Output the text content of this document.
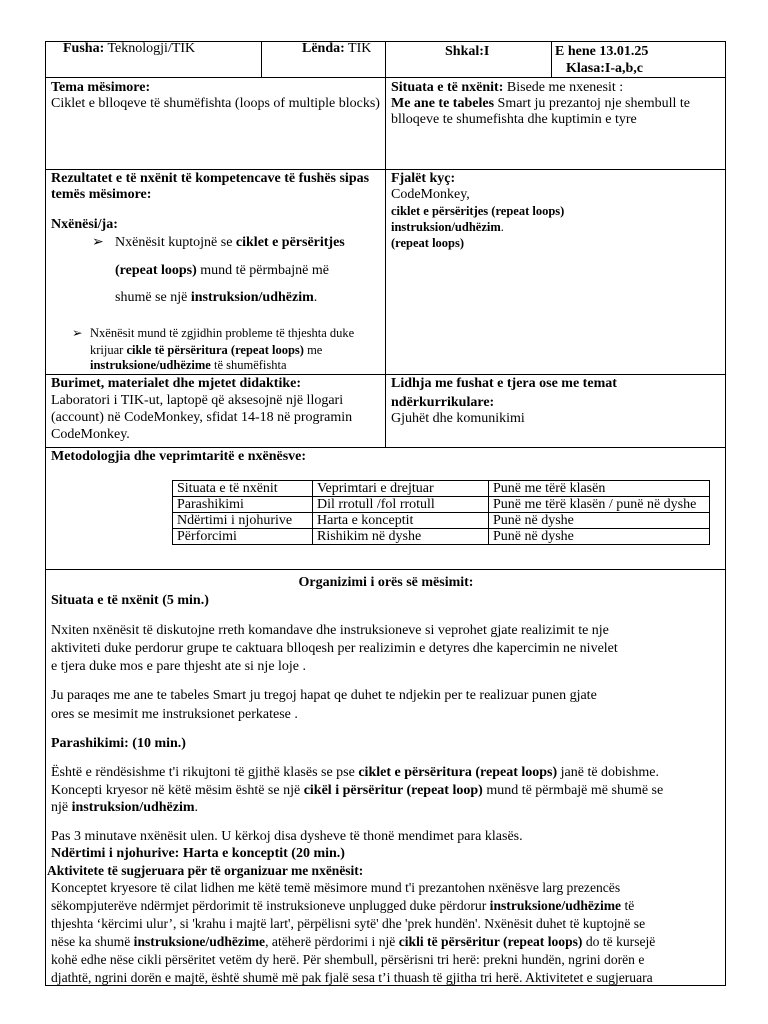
Fusha: Teknologji/TIK	Lënda: TIK	Shkal:I	E hene 13.01.25
Klasa:I-a,b,c
Tema mësimore:
Ciklet e blloqeve të shumëfishta (loops of multiple blocks)
Situata e të nxënit: Bisede me nxenesit :
Me ane te tabeles Smart ju prezantoj nje shembull te blloqeve te shumefishta dhe kuptimin e tyre
Rezultatet e të nxënit të kompetencave të fushës sipas temës mësimore:
Nxënësi/ja:
➢ Nxënësit kuptojnë se ciklet e përsëritjes
(repeat loops) mund të përmbajnë më
shumë se një instruksion/udhëzim.
➢ Nxënësit mund të zgjidhin probleme të thjeshta duke
krijuar cikle të përsëritura (repeat loops) me
instruksione/udhëzime të shumëfishta
Fjalët kyç:
CodeMonkey,
ciklet e përsëritjes (repeat loops)
instruksion/udhëzim.
(repeat loops)
Burimet, materialet dhe mjetet didaktike:
Laboratori i TIK-ut, laptopë që aksesojnë një llogari
(account) në CodeMonkey, sfidat 14-18 në programin
CodeMonkey.
Lidhja me fushat e tjera ose me temat
ndërkurrikulare:
Gjuhët dhe komunikimi
Metodologjia dhe veprimtaritë e nxënësve:
Situata e të nxënit	Veprimtari e drejtuar	Punë me tërë klasën
Parashikimi	Dil rrotull /fol rrotull	Punë me tërë klasën / punë në dyshe
Ndërtimi i njohurive	Harta e konceptit	Punë në dyshe
Përforcimi	Rishikim në dyshe	Punë në dyshe
Organizimi i orës së mësimit:
Situata e të nxënit (5 min.)
Nxiten nxënësit të diskutojne rreth komandave dhe instruksioneve si veprohet gjate realizimit te nje
aktiviteti duke perdorur grupe te caktuara blloqesh per realizimin e detyres dhe kapercimin ne nivelet
e tjera duke mos e pare thjesht ate si nje loje .
Ju paraqes me ane te tabeles Smart ju tregoj hapat qe duhet te ndjekin per te realizuar punen gjate
ores se mesimit me instruksionet perkatese .
Parashikimi: (10 min.)
Është e rëndësishme t'i rikujtoni të gjithë klasës se pse ciklet e përsëritura (repeat loops) janë të dobishme.
Koncepti kryesor në këtë mësim është se një cikël i përsëritur (repeat loop) mund të përmbajë më shumë se
një instruksion/udhëzim.
Pas 3 minutave nxënësit ulen. U kërkoj disa dysheve të thonë mendimet para klasës.
Ndërtimi i njohurive: Harta e konceptit (20 min.)
Aktivitete të sugjeruara për të organizuar me nxënësit:
Konceptet kryesore të cilat lidhen me këtë temë mësimore mund t'i prezantohen nxënësve larg prezencës
sëkompjuterëve ndërmjet përdorimit të instruksioneve unplugged duke përdorur instruksione/udhëzime të
thjeshta ‘kërcimi ulur’, si 'krahu i majtë lart', përpëlisni sytë' dhe 'prek hundën'. Nxënësit duhet të kuptojnë se
nëse ka shumë instruksione/udhëzime, atëherë përdorimi i një cikli të përsëritur (repeat loops) do të kursejë
kohë edhe nëse cikli përsëritet vetëm dy herë. Për shembull, përsërisni tri herë: prekni hundën, ngrini dorën e
djathtë, ngrini dorën e majtë, është shumë më pak fjalë sesa t’i thuash të gjitha tri herë. Aktivitetet e sugjeruara
